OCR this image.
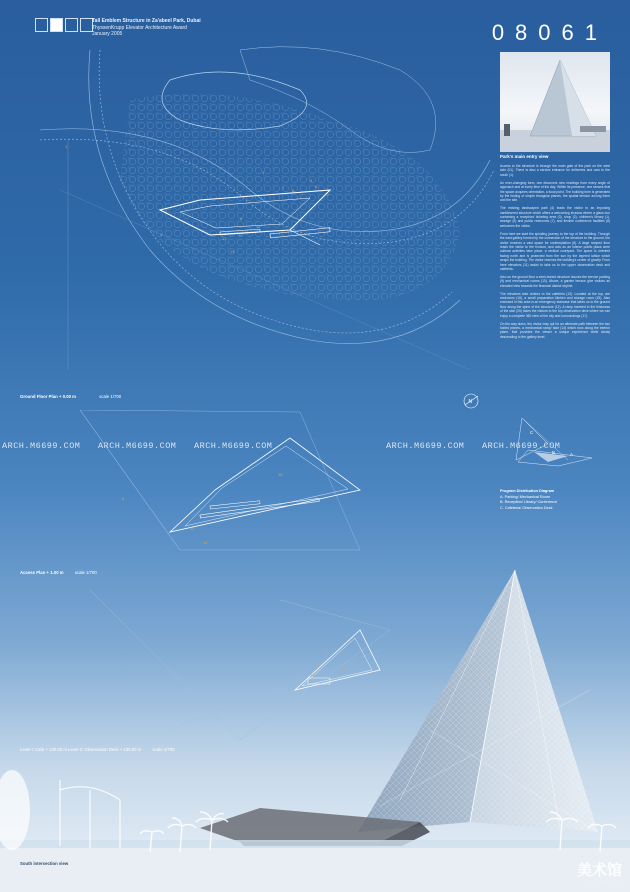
Tall Emblem Structure in Za'abeel Park, Dubai
ThyssenKrupp Elevator Architecture Award
January 2005	08061
1
2
3
4
5
6
7
8
9
10
11
12
13
14
N
Ground Floor Plan + 0.00 m	scale 1/700
Park's main entry view

Access to the structure is through the main gate of the park on the west side (01). There is also a service entrance for deliveries and cars to the south (1).

An ever-changing form, one discovers new readings from every angle of approach and at every time of the day. Within its presence, one senses that the space acquires orientation, a focal point. The building form is generated by the folding of simple triangular planes, the spatial tension among them and the site.

The existing landscaped path (4) leads the visitor to an imposing cantilevered structure which offers a welcoming shadow where a glass box containing a reception/ ticketing area (3), shop (2), children's library (1), storage (5) and public restrooms (7), and flexible conference facilities (6) welcomes the visitor.

From here we start the spiraling journey to the top of the building. Through the east gallery formed by the connection of the structure to the ground, the visitor reaches a vast space for contemplation (8). A large ramped floor leads the visitor to the horizon, and acts as an interior public plaza were cultural activities take place, a vertical courtyard. The space is oriented facing north and is protected from the sun by the layered lattice which wraps the building. The visitor reaches the building's center of gravity. From here elevators (11) assist to take us to the upper observation deck and cafeteria.

Also on the ground floor a semi-buried structure houses the service parking (9) and mechanical rooms (10). Above, a garden terrace give visitors an elevated view towards the financial district skyline.

The elevators take visitors to the cafeteria (13). Located at the top, are restrooms (16), a small preparation kitchen and storage room (15). Also enclosed in this area is an emergency staircase that takes us to the ground floor along the spine of the structure (12). A ramp inserted in the thickness of the skin (20) takes the visitors to the top observation deck where we can enjoy a complete 360 view of the city and surroundings (17).

On the way down, the visitor may opt for an alternate path between the two folded planes, a mechanical ramp/ stair (14) which runs along the interior plane, that provides the viewer a unique experience while slowly descending to the gallery level.

ARCH.M6699.COM ARCH.M6699.COM ARCH.M6699.COM	ARCH.M6699.COM ARCH.M6699.COM
8
10
11
12
14
Access Plan + 1.00 m	scale 1/700
C
B	A
Program Distribution Diagram
A. Parking/ Mechanical Room
B. Reception/ Library/ Conference
C. Cafeteria/ Observation Deck
13
15
16
17
12
14
20
Level I: Cafe + 130.00 m Level II: Observation Deck + 135.00 m	scale 1/700
South intersection view	美术馆
www.m6699.com
